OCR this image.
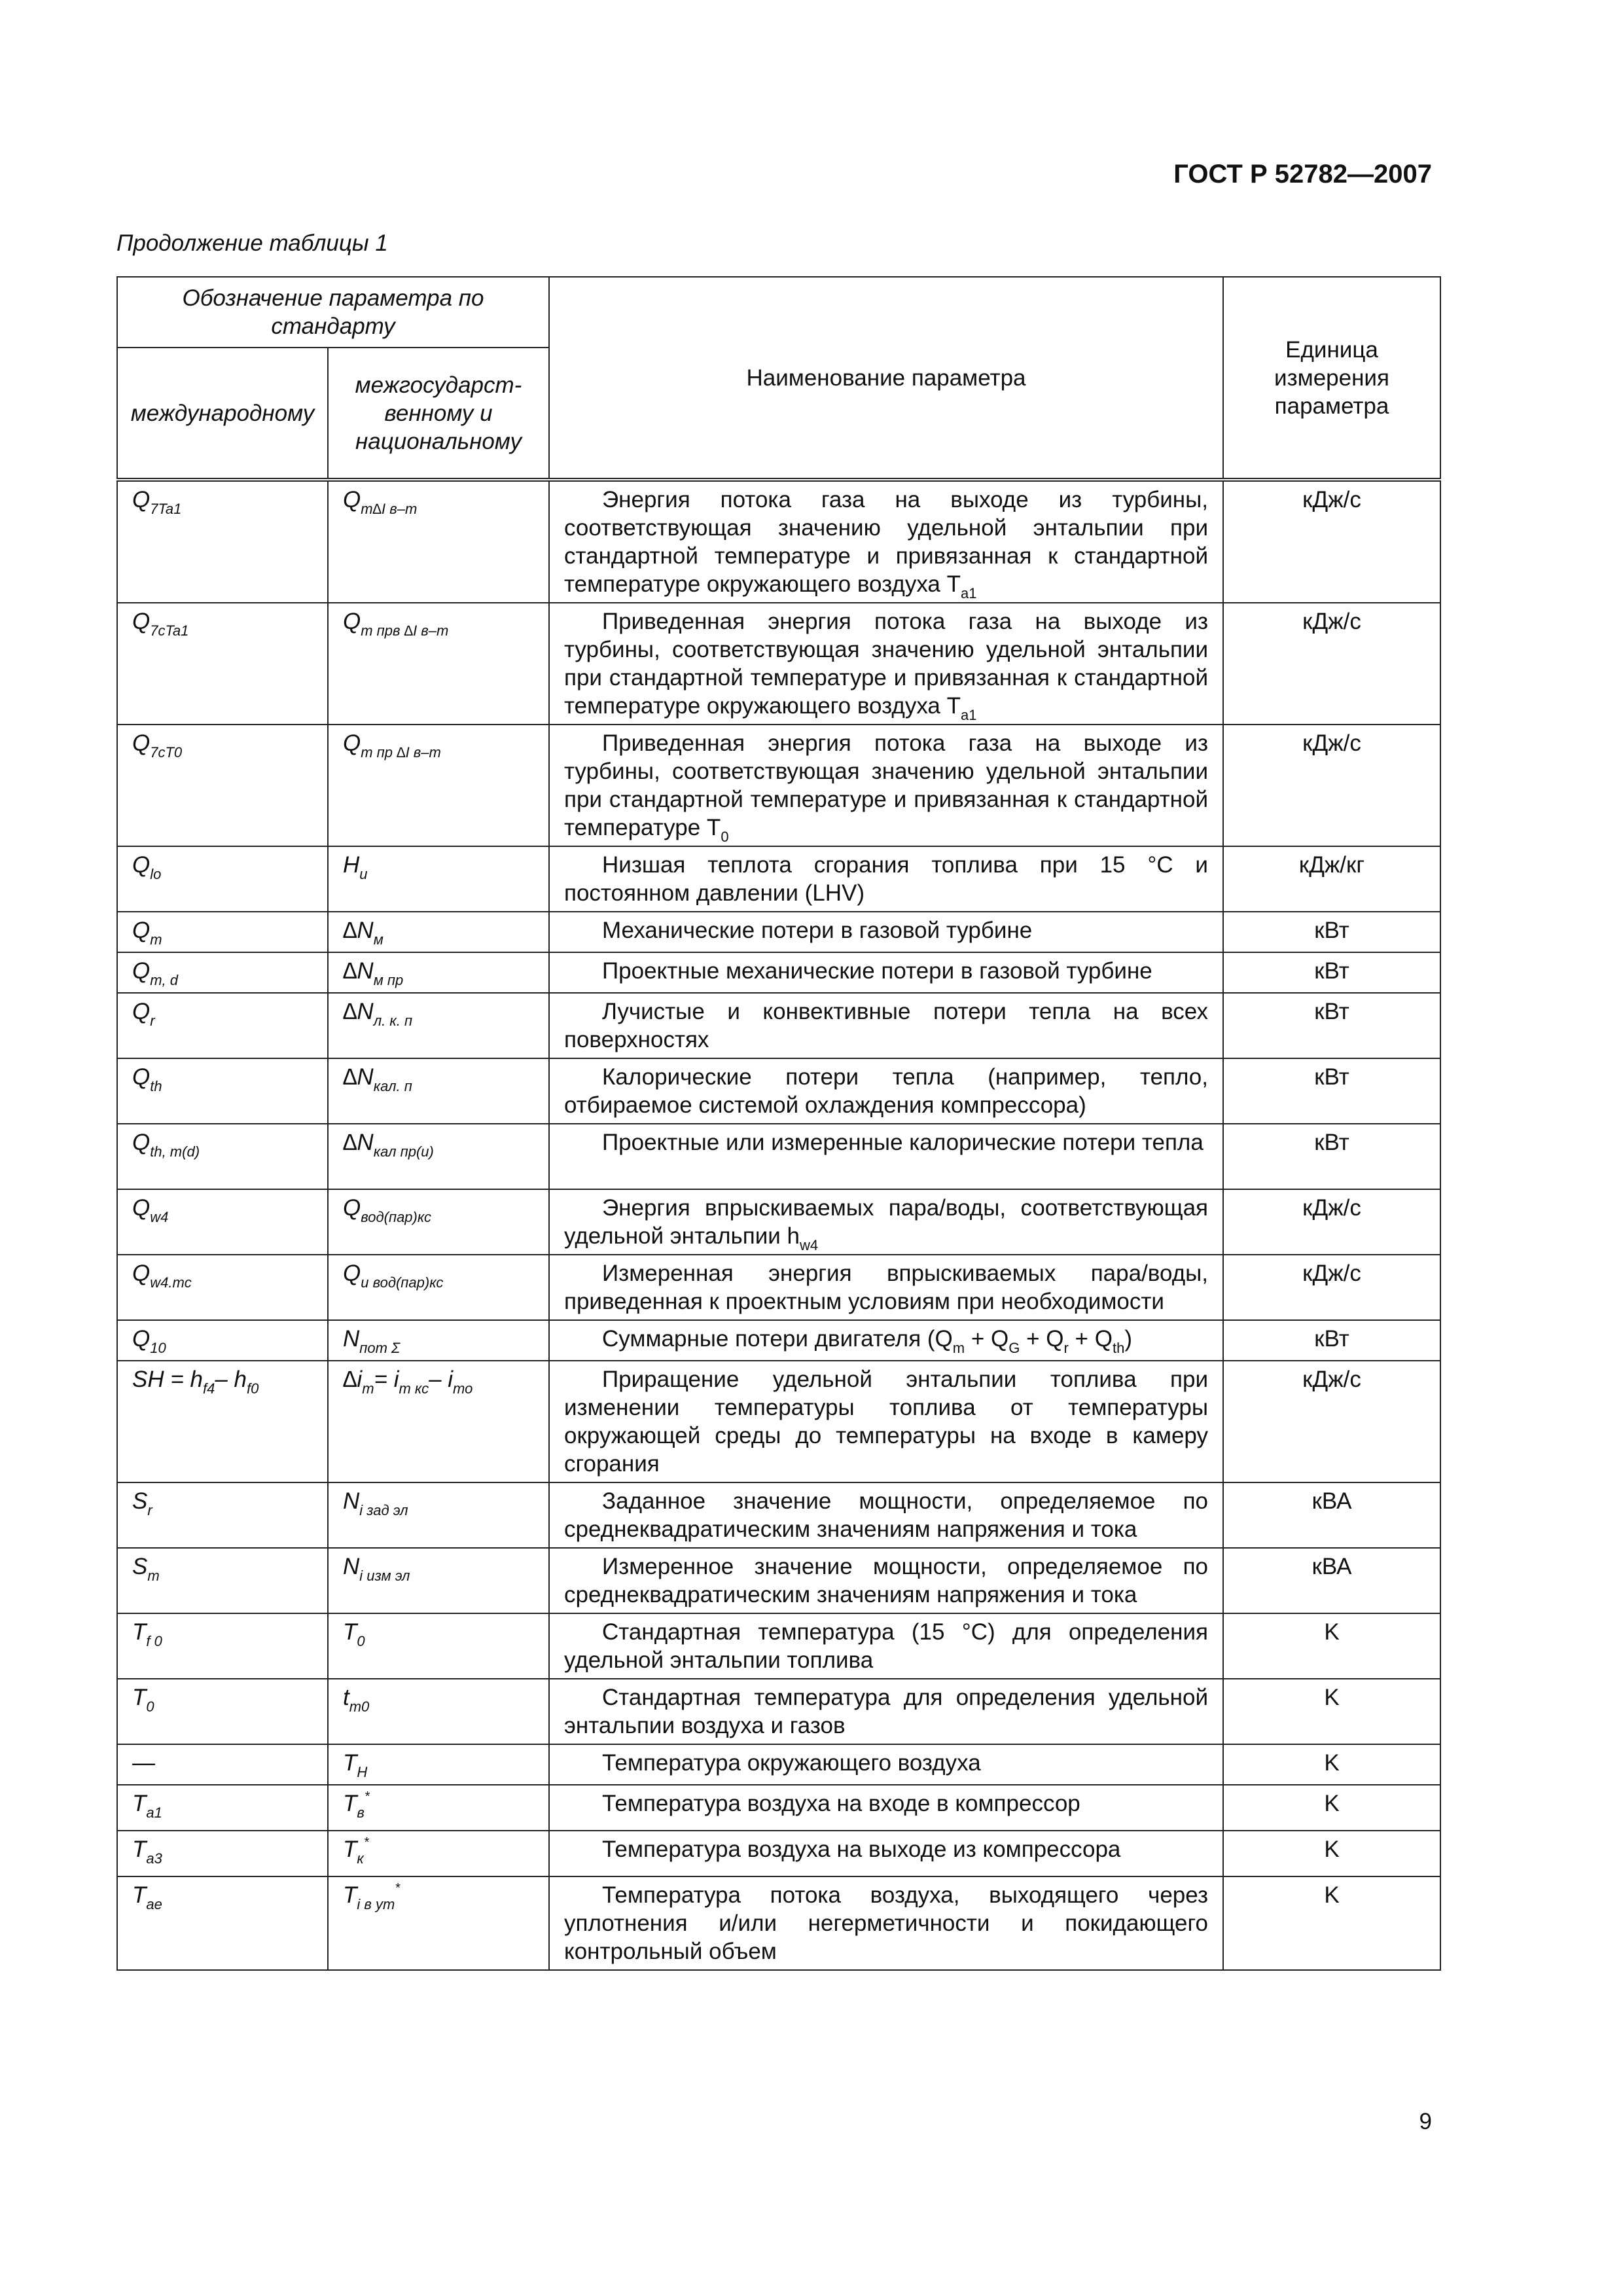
ГОСТ Р 52782—2007
Продолжение таблицы 1
Обозначение параметра по стандарту		Наименование параметра	Единица измерения параметра
международному	межгосударст-венному и национальному		
$Q_{7Ta1}$	$Q_{т\Delta I в-т}$	Энергия потока газа на выходе из турбины, соответствующая значению удельной энтальпии при стандартной температуре и привязанная к стандартной температуре окружающего воздуха $T_{a1}$	кДж/с
$Q_{7cTa1}$	$Q_{т прв \Delta I в-т}$	Приведенная энергия потока газа на выходе из турбины, соответствующая значению удельной энтальпии при стандартной температуре и привязанная к стандартной температуре окружающего воздуха $T_{a1}$	кДж/с
$Q_{7cT0}$	$Q_{т пр \Delta I в-т}$	Приведенная энергия потока газа на выходе из турбины, соответствующая значению удельной энтальпии при стандартной температуре и привязанная к стандартной температуре $T_0$	кДж/с
$Q_{lo}$	$H_u$	Низшая теплота сгорания топлива при 15 °С и постоянном давлении (LHV)	кДж/кг
$Q_m$	$\Delta N_м$	Механические потери в газовой турбине	кВт
$Q_{m, d}$	$\Delta N_{м пр}$	Проектные механические потери в газовой турбине	кВт
$Q_r$	$\Delta N_{л. к. п}$	Лучистые и конвективные потери тепла на всех поверхностях	кВт
$Q_{th}$	$\Delta N_{кал. п}$	Калорические потери тепла (например, тепло, отбираемое системой охлаждения компрессора)	кВт
$Q_{th, m(d)}$	$\Delta N_{кал пр(и)}$	Проектные или измеренные калорические потери тепла	кВт
$Q_{w4}$	$Q_{вод(пар)кс}$	Энергия впрыскиваемых пара/воды, соответствующая удельной энтальпии $h_{w4}$	кДж/с
$Q_{w4.mc}$	$Q_{и вод(пар)кс}$	Измеренная энергия впрыскиваемых пара/воды, приведенная к проектным условиям при необходимости	кДж/с
$Q_{10}$	$N_{пот \Sigma}$	Суммарные потери двигателя $(Q_m + Q_G + Q_r + Q_{th})$	кВт
SH = $h_{f4}-$ $h_{f0}$	$\Delta i_т= i_{т кс}-$ $i_{то}$	Приращение удельной энтальпии топлива при изменении температуры топлива от температуры окружающей среды до температуры на входе в камеру сгорания	кДж/с
$S_r$	$N_{i зад эл}$	Заданное значение мощности, определяемое по среднеквадратическим значениям напряжения и тока	кВА
$S_m$	$N_{i изм эл}$	Измеренное значение мощности, определяемое по среднеквадратическим значениям напряжения и тока	кВА
$T_{f 0}$	$T_0$	Стандартная температура (15 °С) для определения удельной энтальпии топлива	K
$T_0$	$t_{т0}$	Стандартная температура для определения удельной энтальпии воздуха и газов	K
—	$T_H$	Температура окружающего воздуха	K
$T_{a1}$	$T_в^*$	Температура воздуха на входе в компрессор	K
$T_{a3}$	$T_к^*$	Температура воздуха на выходе из компрессора	K
$T_{ae}$	$T_{i в ут}^*$	Температура потока воздуха, выходящего через уплотнения и/или негерметичности и покидающего контрольный объем	K
9
